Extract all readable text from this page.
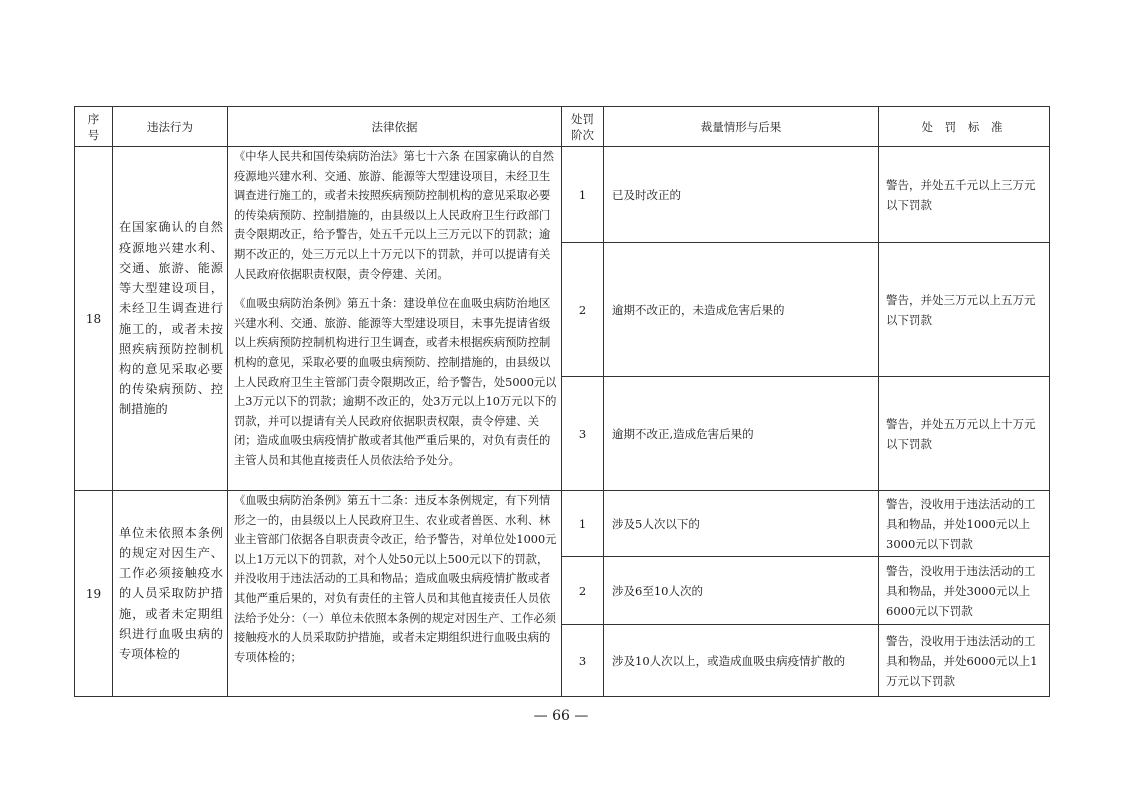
序号	违法行为	法律依据	处罚阶次	裁量情形与后果	处 罚 标 准
18	在国家确认的自然疫源地兴建水利、交通、旅游、能源等大型建设项目，未经卫生调查进行施工的，或者未按照疾病预防控制机构的意见采取必要的传染病预防、控制措施的	《中华人民共和国传染病防治法》第七十六条 在国家确认的自然疫源地兴建水利、交通、旅游、能源等大型建设项目，未经卫生调查进行施工的，或者未按照疾病预防控制机构的意见采取必要的传染病预防、控制措施的，由县级以上人民政府卫生行政部门责令限期改正，给予警告，处五千元以上三万元以下的罚款；逾期不改正的，处三万元以上十万元以下的罚款，并可以提请有关人民政府依据职责权限，责令停建、关闭。

《血吸虫病防治条例》第五十条：建设单位在血吸虫病防治地区兴建水利、交通、旅游、能源等大型建设项目，未事先提请省级以上疾病预防控制机构进行卫生调查，或者未根据疾病预防控制机构的意见，采取必要的血吸虫病预防、控制措施的，由县级以上人民政府卫生主管部门责令限期改正，给予警告，处5000元以上3万元以下的罚款；逾期不改正的，处3万元以上10万元以下的罚款，并可以提请有关人民政府依据职责权限，责令停建、关闭；造成血吸虫病疫情扩散或者其他严重后果的，对负有责任的主管人员和其他直接责任人员依法给予处分。	1	已及时改正的	警告，并处五千元以上三万元以下罚款
			2	逾期不改正的，未造成危害后果的	警告，并处三万元以上五万元以下罚款
			3	逾期不改正,造成危害后果的	警告，并处五万元以上十万元以下罚款
19	单位未依照本条例的规定对因生产、工作必须接触疫水的人员采取防护措施，或者未定期组织进行血吸虫病的专项体检的	《血吸虫病防治条例》第五十二条：违反本条例规定，有下列情形之一的，由县级以上人民政府卫生、农业或者兽医、水利、林业主管部门依据各自职责责令改正，给予警告，对单位处1000元以上1万元以下的罚款，对个人处50元以上500元以下的罚款，并没收用于违法活动的工具和物品；造成血吸虫病疫情扩散或者其他严重后果的，对负有责任的主管人员和其他直接责任人员依法给予处分：（一）单位未依照本条例的规定对因生产、工作必须接触疫水的人员采取防护措施，或者未定期组织进行血吸虫病的专项体检的；	1	涉及5人次以下的	警告，没收用于违法活动的工具和物品，并处1000元以上3000元以下罚款
			2	涉及6至10人次的	警告，没收用于违法活动的工具和物品，并处3000元以上6000元以下罚款
			3	涉及10人次以上，或造成血吸虫病疫情扩散的	警告，没收用于违法活动的工具和物品，并处6000元以上1万元以下罚款
— 66 —
